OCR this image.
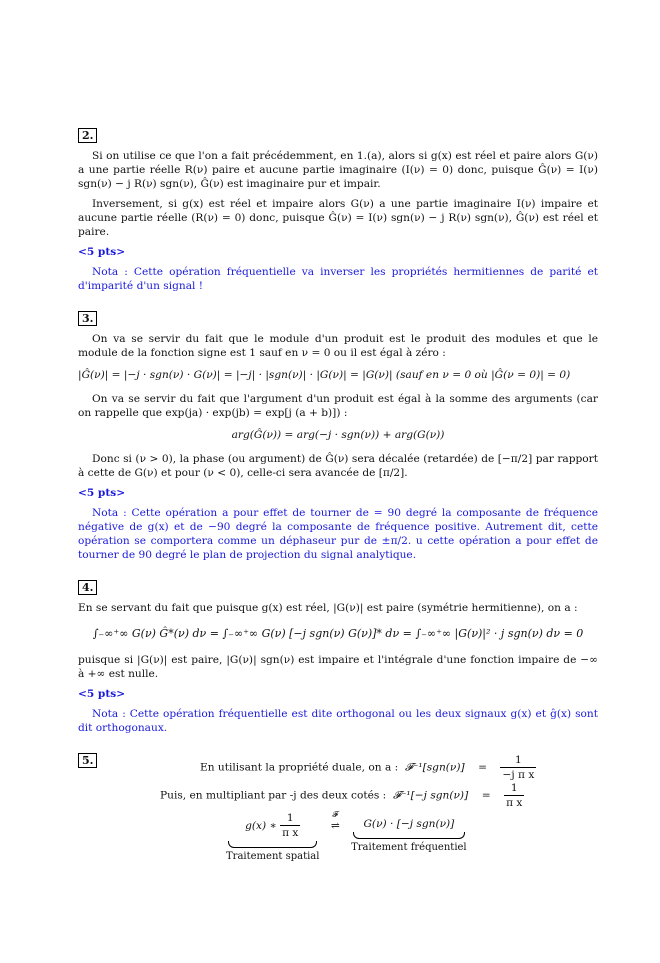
2.

Si on utilise ce que l'on a fait précédemment, en 1.(a), alors si g(x) est réel et paire alors G(ν) a une partie réelle R(ν) paire et aucune partie imaginaire (I(ν) = 0) donc, puisque Ĝ(ν) = I(ν) sgn(ν) − j R(ν) sgn(ν), Ĝ(ν) est imaginaire pur et impair.

Inversement, si g(x) est réel et impaire alors G(ν) a une partie imaginaire I(ν) impaire et aucune partie réelle (R(ν) = 0) donc, puisque Ĝ(ν) = I(ν) sgn(ν) − j R(ν) sgn(ν), Ĝ(ν) est réel et paire.

<5 pts>

Nota : Cette opération fréquentielle va inverser les propriétés hermitiennes de parité et d'imparité d'un signal !

3.

On va se servir du fait que le module d'un produit est le produit des modules et que le module de la fonction signe est 1 sauf en ν = 0 ou il est égal à zéro :

|Ĝ(ν)| = |−j · sgn(ν) · G(ν)| = |−j| · |sgn(ν)| · |G(ν)| = |G(ν)| (sauf en ν = 0 où |Ĝ(ν = 0)| = 0)

On va se servir du fait que l'argument d'un produit est égal à la somme des arguments (car on rappelle que exp(ja) · exp(jb) = exp[j (a + b)]) :

arg(Ĝ(ν)) = arg(−j · sgn(ν)) + arg(G(ν))

Donc si (ν > 0), la phase (ou argument) de Ĝ(ν) sera décalée (retardée) de [−π/2] par rapport à cette de G(ν) et pour (ν < 0), celle-ci sera avancée de [π/2].

<5 pts>

Nota : Cette opération a pour effet de tourner de = 90 degré la composante de fréquence négative de g(x) et de −90 degré la composante de fréquence positive. Autrement dit, cette opération se comportera comme un déphaseur pur de ±π/2. u cette opération a pour effet de tourner de 90 degré le plan de projection du signal analytique.

4.

En se servant du fait que puisque g(x) est réel, |G(ν)| est paire (symétrie hermitienne), on a :

∫₋∞⁺∞ G(ν) Ĝ*(ν) dν = ∫₋∞⁺∞ G(ν) [−j sgn(ν) G(ν)]* dν = ∫₋∞⁺∞ |G(ν)|² · j sgn(ν) dν = 0

puisque si |G(ν)| est paire, |G(ν)| sgn(ν) est impaire et l'intégrale d'une fonction impaire de −∞ à +∞ est nulle.

<5 pts>

Nota : Cette opération fréquentielle est dite orthogonal ou les deux signaux g(x) et ĝ(x) sont dit orthogonaux.

5.
En utilisant la propriété duale, on a : 𝓕⁻¹[sgn(ν)] = $\frac{1}{\text{−j π x}}$
Puis, en multipliant par -j des deux cotés : 𝓕⁻¹[−j $sgn(\nu)] = \frac{1}{\text{π x}}$
g(x) ∗ $\frac{1}{\text{π x}}$
Traitement spatial

𝓕
⇌ G(ν) · [−j sgn(ν)]
Traitement fréquentiel
